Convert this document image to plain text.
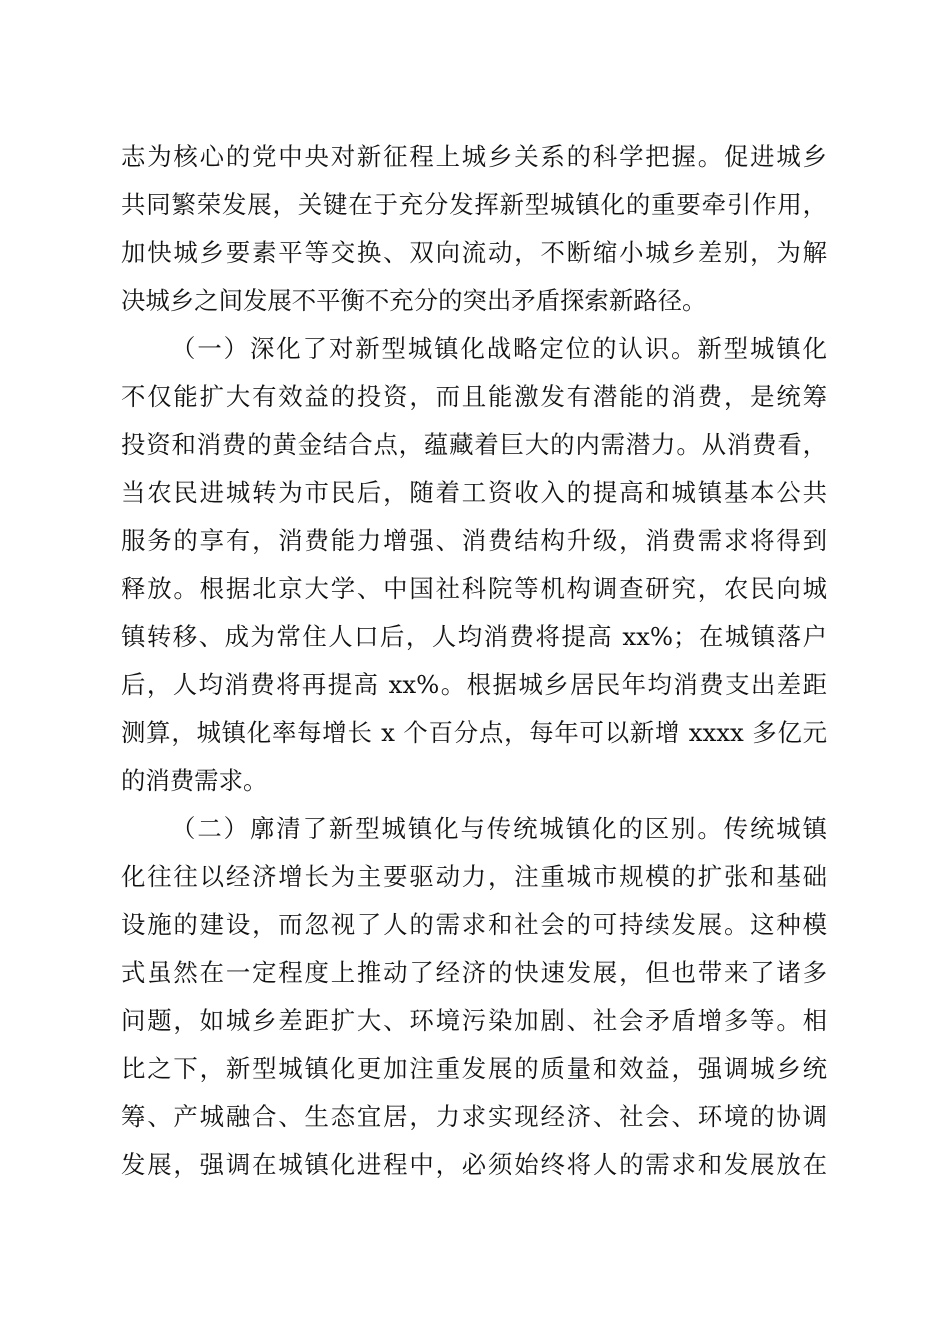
志为核心的党中央对新征程上城乡关系的科学把握。促进城乡
共同繁荣发展，关键在于充分发挥新型城镇化的重要牵引作用，
加快城乡要素平等交换、双向流动，不断缩小城乡差别，为解
决城乡之间发展不平衡不充分的突出矛盾探索新路径。
（一）深化了对新型城镇化战略定位的认识。新型城镇化
不仅能扩大有效益的投资，而且能激发有潜能的消费，是统筹
投资和消费的黄金结合点，蕴藏着巨大的内需潜力。从消费看，
当农民进城转为市民后，随着工资收入的提高和城镇基本公共
服务的享有，消费能力增强、消费结构升级，消费需求将得到
释放。根据北京大学、中国社科院等机构调查研究，农民向城
镇转移、成为常住人口后，人均消费将提高 xx%；在城镇落户
后，人均消费将再提高 xx%。根据城乡居民年均消费支出差距
测算，城镇化率每增长 x 个百分点，每年可以新增 xxxx 多亿元
的消费需求。
（二）廓清了新型城镇化与传统城镇化的区别。传统城镇
化往往以经济增长为主要驱动力，注重城市规模的扩张和基础
设施的建设，而忽视了人的需求和社会的可持续发展。这种模
式虽然在一定程度上推动了经济的快速发展，但也带来了诸多
问题，如城乡差距扩大、环境污染加剧、社会矛盾增多等。相
比之下，新型城镇化更加注重发展的质量和效益，强调城乡统
筹、产城融合、生态宜居，力求实现经济、社会、环境的协调
发展，强调在城镇化进程中，必须始终将人的需求和发展放在
